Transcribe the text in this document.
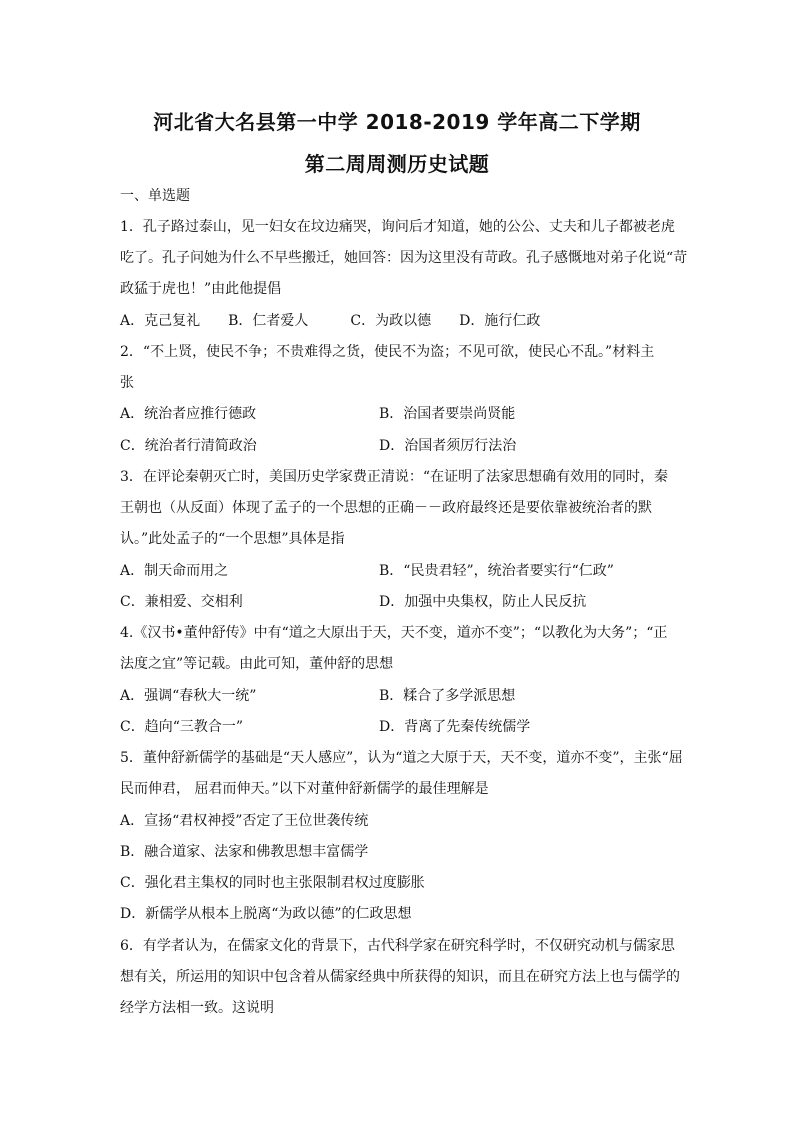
河北省大名县第一中学 2018-2019 学年高二下学期
第二周周测历史试题
一、单选题
1．孔子路过泰山，见一妇女在坟边痛哭，询问后才知道，她的公公、丈夫和儿子都被老虎
吃了。孔子问她为什么不早些搬迁，她回答：因为这里没有苛政。孔子感慨地对弟子化说“苛
政猛于虎也！”由此他提倡
A．克己复礼　　B．仁者爱人　　　C．为政以德　　D．施行仁政
2．“不上贤，使民不争；不贵难得之货，使民不为盗；不见可欲，使民心不乱。”材料主
张
A．统治者应推行德政	B．治国者要崇尚贤能
C．统治者行清简政治	D．治国者须厉行法治
3．在评论秦朝灭亡时，美国历史学家费正清说：“在证明了法家思想确有效用的同时，秦
王朝也（从反面）体现了孟子的一个思想的正确－－政府最终还是要依靠被统治者的默
认。”此处孟子的“一个思想”具体是指
A．制天命而用之	B．“民贵君轻”，统治者要实行“仁政”
C．兼相爱、交相利	D．加强中央集权，防止人民反抗
4.《汉书•董仲舒传》中有“道之大原出于天，天不变，道亦不变”；“以教化为大务”；“正
法度之宜”等记载。由此可知，董仲舒的思想
A．强调“春秋大一统”	B．糅合了多学派思想
C．趋向“三教合一”	D．背离了先秦传统儒学
5．董仲舒新儒学的基础是“天人感应”，认为“道之大原于天，天不变，道亦不变”，主张“屈
民而伸君， 屈君而伸天。”以下对董仲舒新儒学的最佳理解是
A．宣扬“君权神授”否定了王位世袭传统
B．融合道家、法家和佛教思想丰富儒学
C．强化君主集权的同时也主张限制君权过度膨胀
D．新儒学从根本上脱离“为政以德”的仁政思想
6．有学者认为，在儒家文化的背景下，古代科学家在研究科学时，不仅研究动机与儒家思
想有关，所运用的知识中包含着从儒家经典中所获得的知识，而且在研究方法上也与儒学的
经学方法相一致。这说明
